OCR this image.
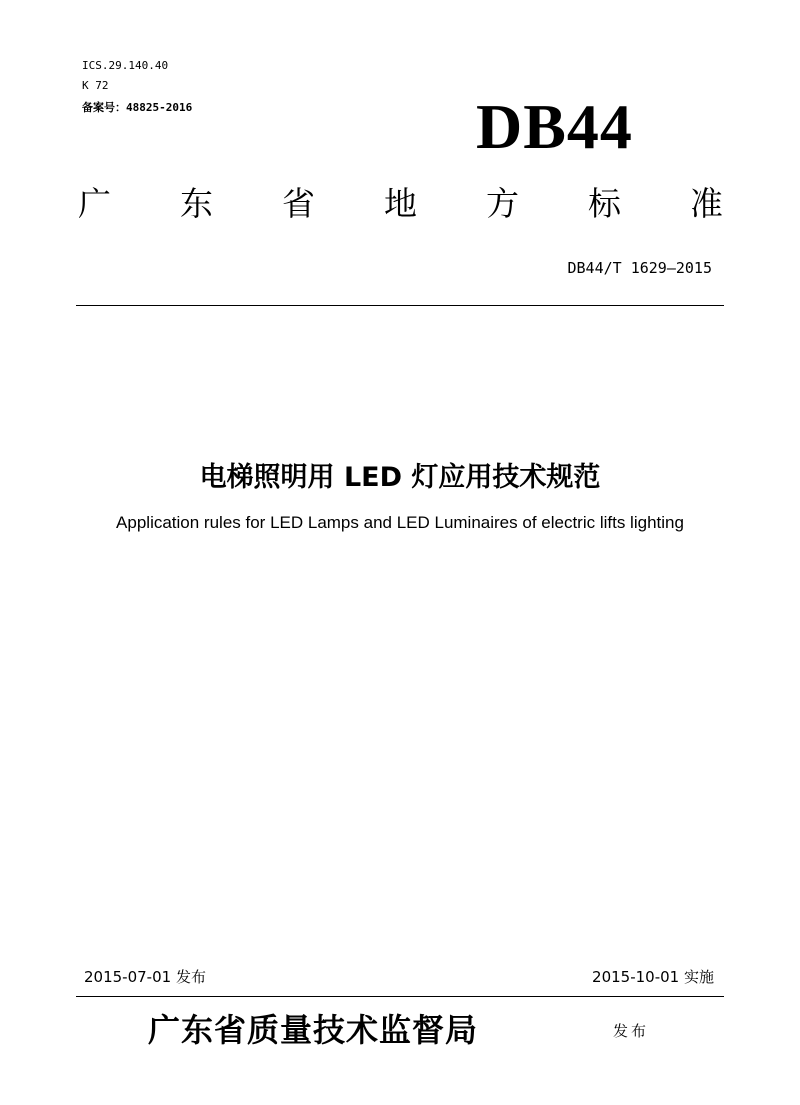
ICS.29.140.40
K 72
备案号：48825-2016	DB44
广 东 省 地 方 标 准
DB44/T 1629—2015
电梯照明用 LED 灯应用技术规范
Application rules for LED Lamps and LED Luminaires of electric lifts lighting
2015-07-01 发布	2015-10-01 实施
广东省质量技术监督局	发布
